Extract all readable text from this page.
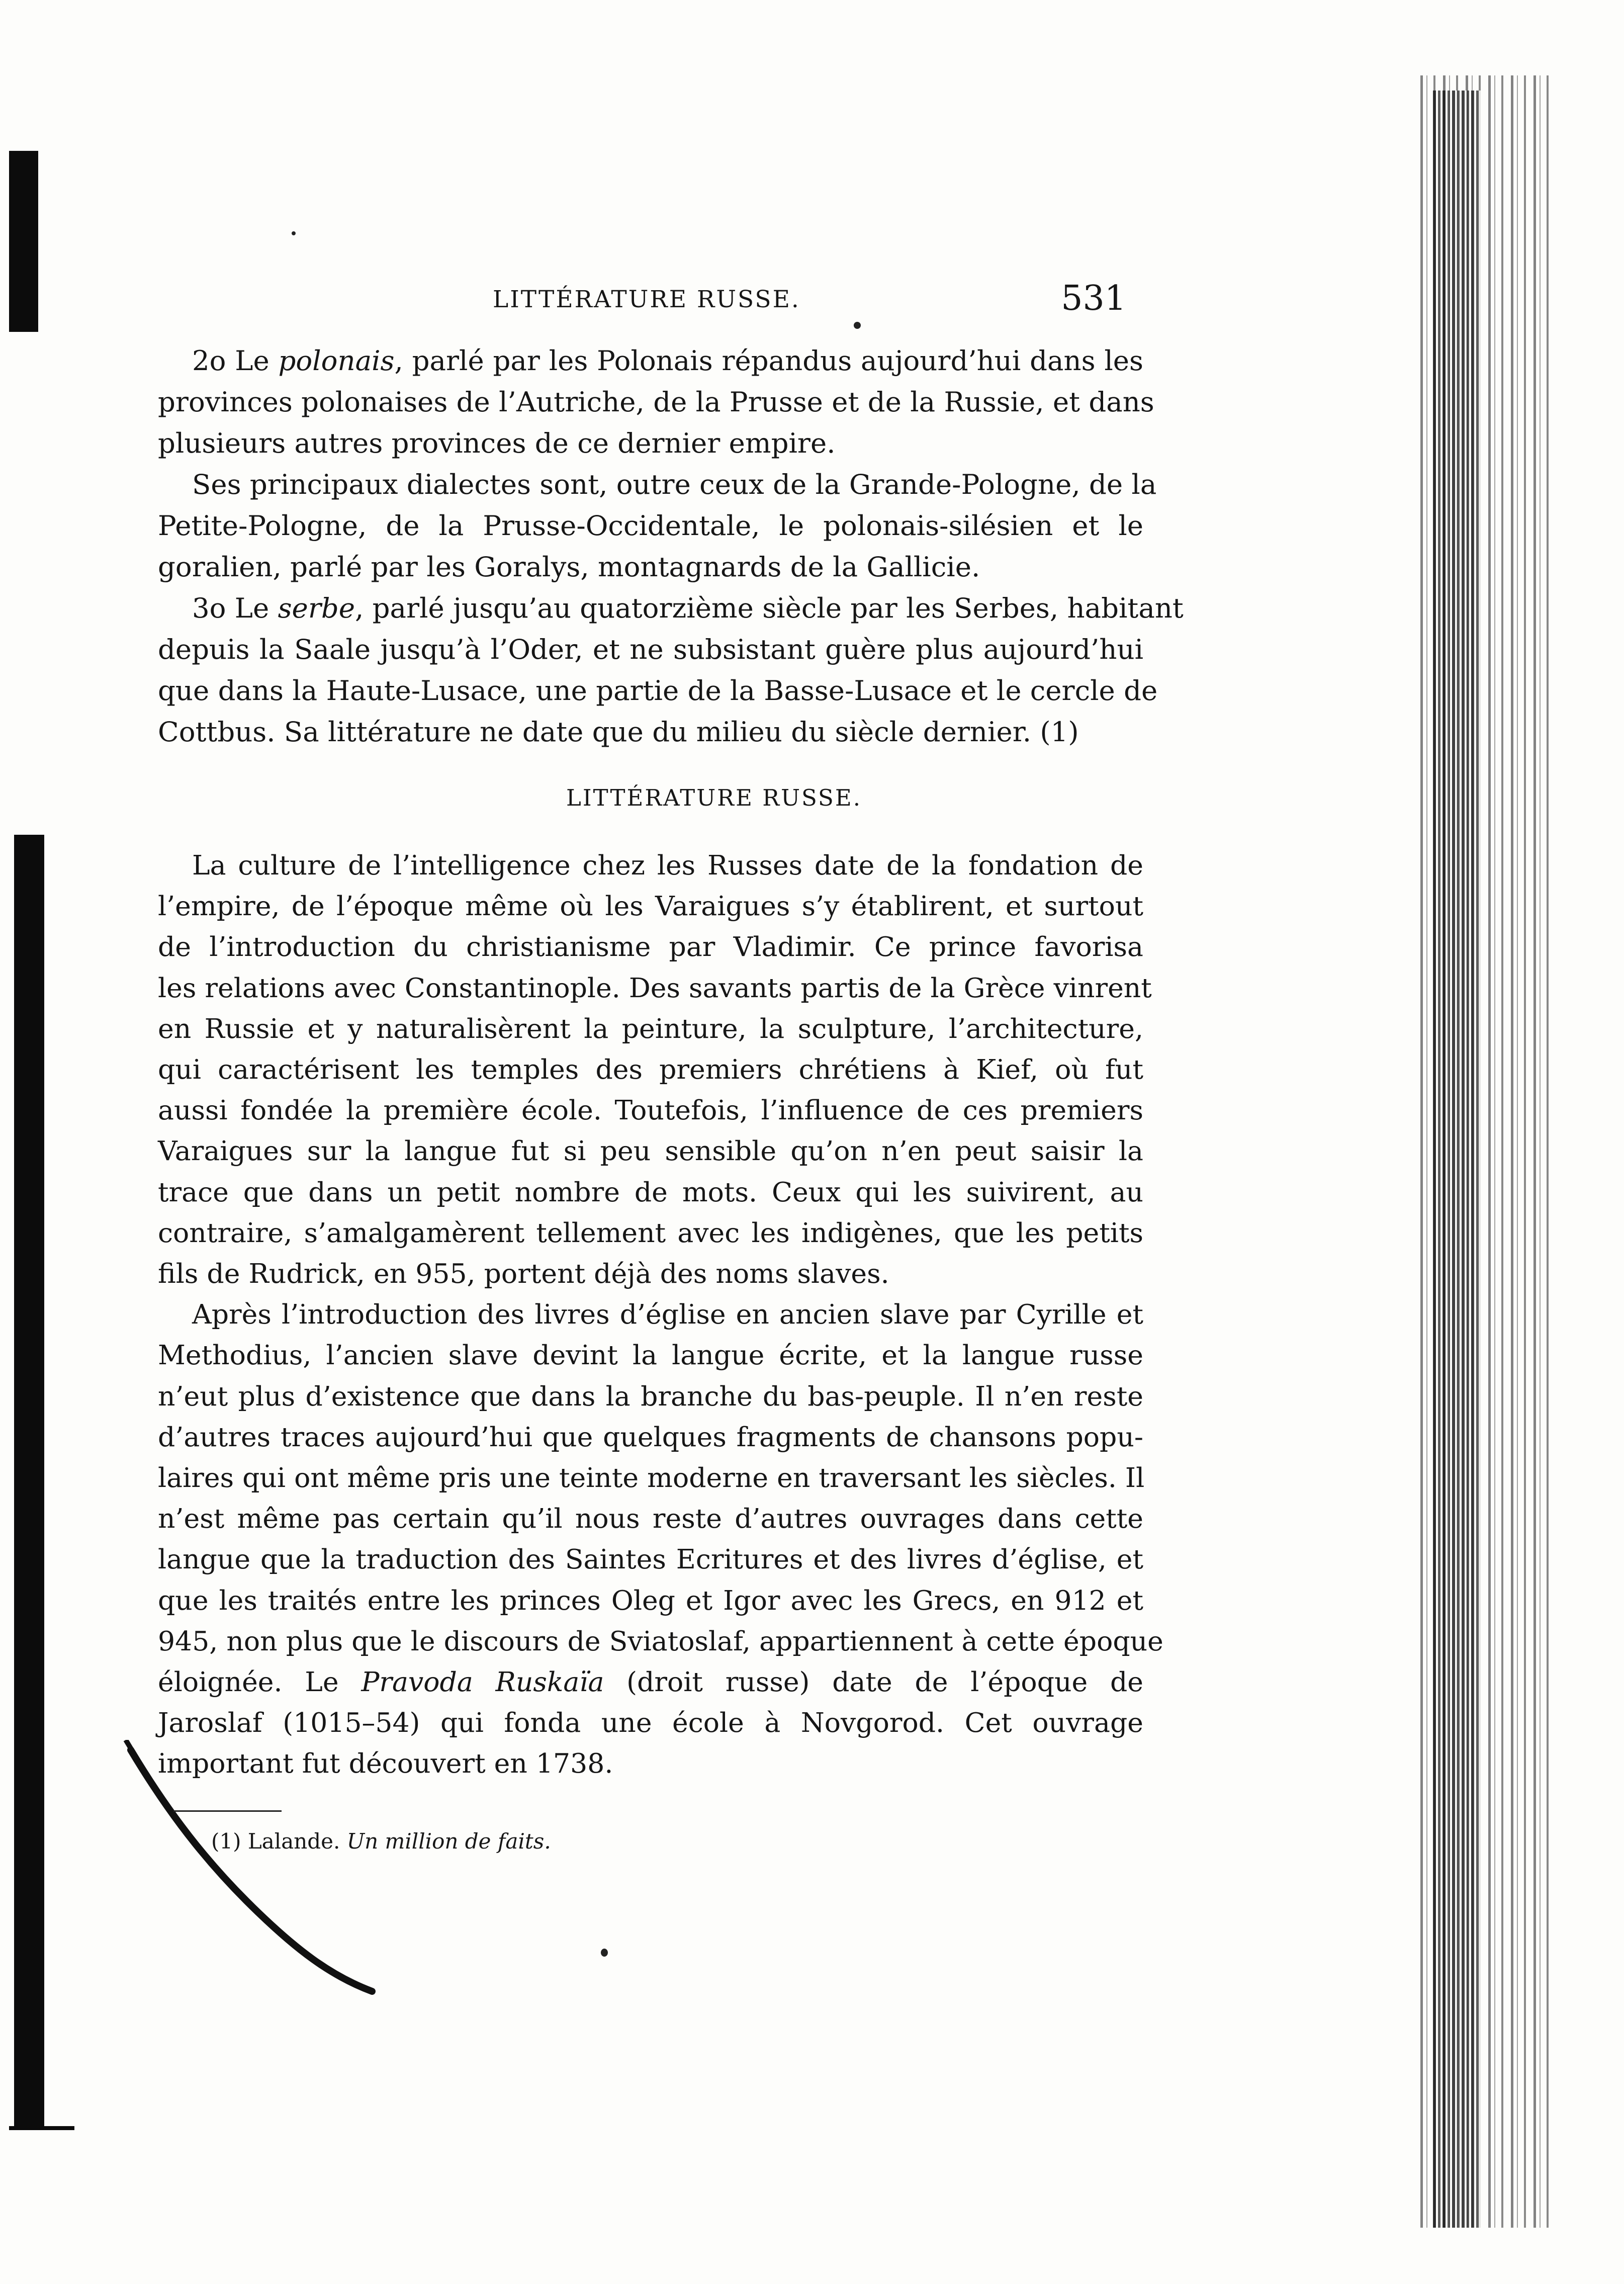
LITTÉRATURE RUSSE.	531
2o Le polonais, parlé par les Polonais répandus aujourd’hui dans les
provinces polonaises de l’Autriche, de la Prusse et de la Russie, et dans
plusieurs autres provinces de ce dernier empire.
Ses principaux dialectes sont, outre ceux de la Grande-Pologne, de la
Petite-Pologne, de la Prusse-Occidentale, le polonais-silésien et le
goralien, parlé par les Goralys, montagnards de la Gallicie.
3o Le serbe, parlé jusqu’au quatorzième siècle par les Serbes, habitant
depuis la Saale jusqu’à l’Oder, et ne subsistant guère plus aujourd’hui
que dans la Haute-Lusace, une partie de la Basse-Lusace et le cercle de
Cottbus. Sa littérature ne date que du milieu du siècle dernier. (1)
LITTÉRATURE RUSSE.
La culture de l’intelligence chez les Russes date de la fondation de
l’empire, de l’époque même où les Varaigues s’y établirent, et surtout
de l’introduction du christianisme par Vladimir. Ce prince favorisa
les relations avec Constantinople. Des savants partis de la Grèce vinrent
en Russie et y naturalisèrent la peinture, la sculpture, l’architecture,
qui caractérisent les temples des premiers chrétiens à Kief, où fut
aussi fondée la première école. Toutefois, l’influence de ces premiers
Varaigues sur la langue fut si peu sensible qu’on n’en peut saisir la
trace que dans un petit nombre de mots. Ceux qui les suivirent, au
contraire, s’amalgamèrent tellement avec les indigènes, que les petits
fils de Rudrick, en 955, portent déjà des noms slaves.
Après l’introduction des livres d’église en ancien slave par Cyrille et
Methodius, l’ancien slave devint la langue écrite, et la langue russe
n’eut plus d’existence que dans la branche du bas-peuple. Il n’en reste
d’autres traces aujourd’hui que quelques fragments de chansons popu-
laires qui ont même pris une teinte moderne en traversant les siècles. Il
n’est même pas certain qu’il nous reste d’autres ouvrages dans cette
langue que la traduction des Saintes Ecritures et des livres d’église, et
que les traités entre les princes Oleg et Igor avec les Grecs, en 912 et
945, non plus que le discours de Sviatoslaf, appartiennent à cette époque
éloignée. Le Pravoda Ruskaïa (droit russe) date de l’époque de
Jaroslaf (1015–54) qui fonda une école à Novgorod. Cet ouvrage
important fut découvert en 1738.
(1) Lalande. Un million de faits.
